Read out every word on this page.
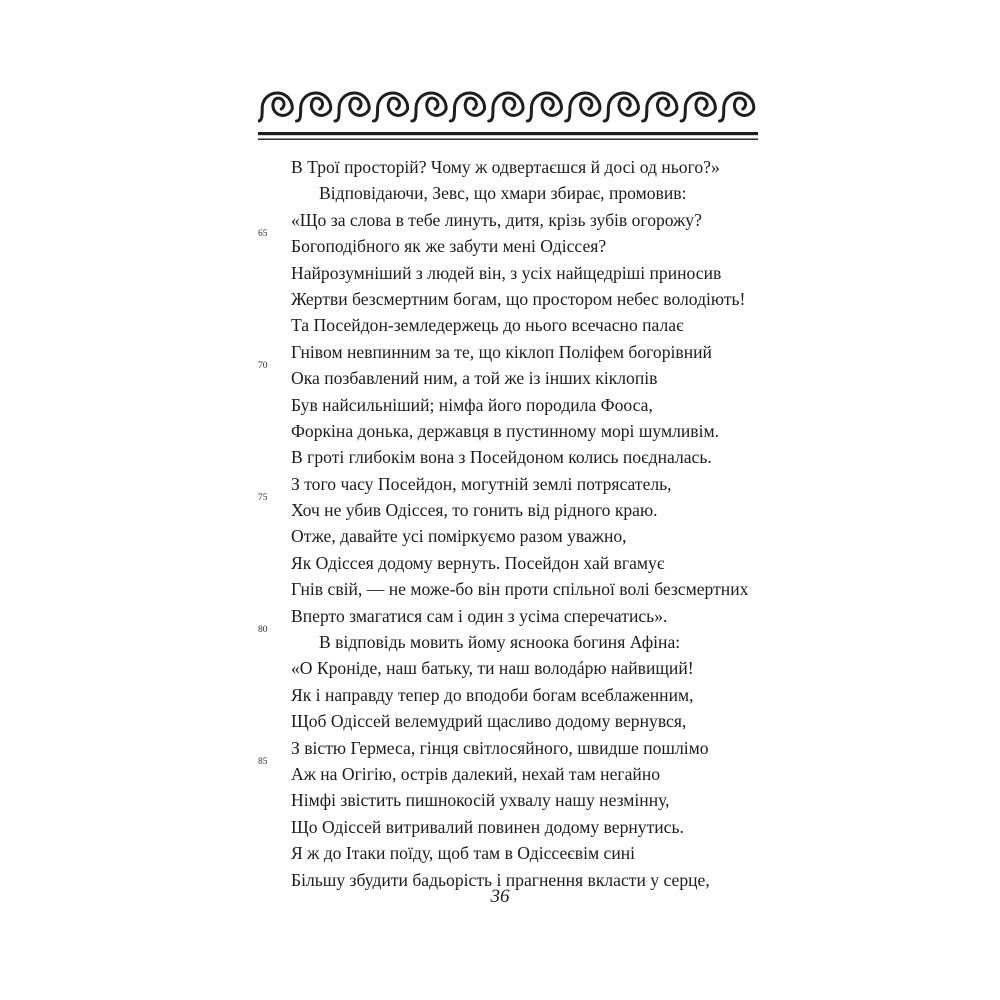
В Трої просторій? Чому ж одвертаєшся й досі од нього?»
Відповідаючи, Зевс, що хмари збирає, промовив:
«Що за слова в тебе линуть, дитя, крізь зубів огорожу?
Богоподібного як же забути мені Одіссея?
65
Найрозумніший з людей він, з усіх найщедріші приносив
Жертви безсмертним богам, що простором небес володіють!
Та Посейдон-земледержець до нього всечасно палає
Гнівом невпинним за те, що кіклоп Поліфем богорівний
Ока позбавлений ним, а той же із інших кіклопів
70
Був найсильніший; німфа його породила Фооса,
Форкіна донька, державця в пустинному морі шумливім.
В гроті глибокім вона з Посейдоном колись поєдналась.
З того часу Посейдон, могутній землі потрясатель,
Хоч не убив Одіссея, то гонить від рідного краю.
75
Отже, давайте усі поміркуємо разом уважно,
Як Одіссея додому вернуть. Посейдон хай вгамує
Гнів свій, — не може-бо він проти спільної волі безсмертних
Вперто змагатися сам і один з усіма сперечатись».
В відповідь мовить йому ясноока богиня Афіна:
80
«О Кроніде, наш батьку, ти наш володáрю найвищий!
Як і направду тепер до вподоби богам всеблаженним,
Щоб Одіссей велемудрий щасливо додому вернувся,
З вістю Гермеса, гінця світлосяйного, швидше пошлімо
Аж на Огігію, острів далекий, нехай там негайно
85
Німфі звістить пишнокосій ухвалу нашу незмінну,
Що Одіссей витривалий повинен додому вернутись.
Я ж до Ітаки поїду, щоб там в Одіссеєвім сині
Більшу збудити бадьорість і прагнення вкласти у серце,
36
